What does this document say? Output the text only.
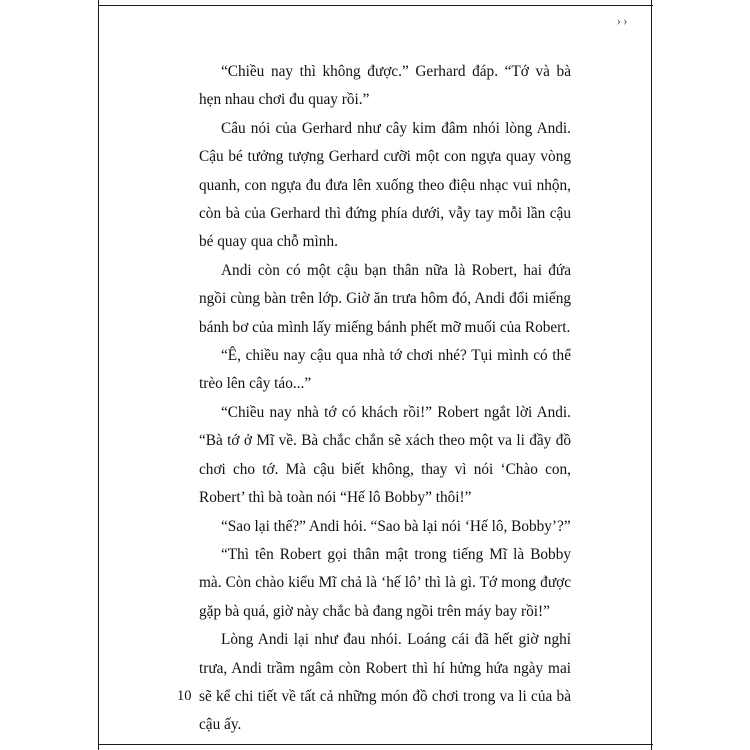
› ›

“Chiều nay thì không được.” Gerhard đáp. “Tớ và bà hẹn nhau chơi đu quay rồi.”

Câu nói của Gerhard như cây kim đâm nhói lòng Andi. Cậu bé tưởng tượng Gerhard cưỡi một con ngựa quay vòng quanh, con ngựa đu đưa lên xuống theo điệu nhạc vui nhộn, còn bà của Gerhard thì đứng phía dưới, vẫy tay mỗi lần cậu bé quay qua chỗ mình.

Andi còn có một cậu bạn thân nữa là Robert, hai đứa ngồi cùng bàn trên lớp. Giờ ăn trưa hôm đó, Andi đổi miếng bánh bơ của mình lấy miếng bánh phết mỡ muối của Robert.

“Ê, chiều nay cậu qua nhà tớ chơi nhé? Tụi mình có thể trèo lên cây táo...”

“Chiều nay nhà tớ có khách rồi!” Robert ngắt lời Andi. “Bà tớ ở Mĩ về. Bà chắc chắn sẽ xách theo một va li đầy đồ chơi cho tớ. Mà cậu biết không, thay vì nói ‘Chào con, Robert’ thì bà toàn nói “Hế lô Bobby” thôi!”

“Sao lại thế?” Andi hỏi. “Sao bà lại nói ‘Hế lô, Bobby’?”

“Thì tên Robert gọi thân mật trong tiếng Mĩ là Bobby mà. Còn chào kiểu Mĩ chả là ‘hế lô’ thì là gì. Tớ mong được gặp bà quá, giờ này chắc bà đang ngồi trên máy bay rồi!”

Lòng Andi lại như đau nhói. Loáng cái đã hết giờ nghỉ trưa, Andi trầm ngâm còn Robert thì hí hửng hứa ngày mai sẽ kể chi tiết về tất cả những món đồ chơi trong va li của bà cậu ấy.

10
